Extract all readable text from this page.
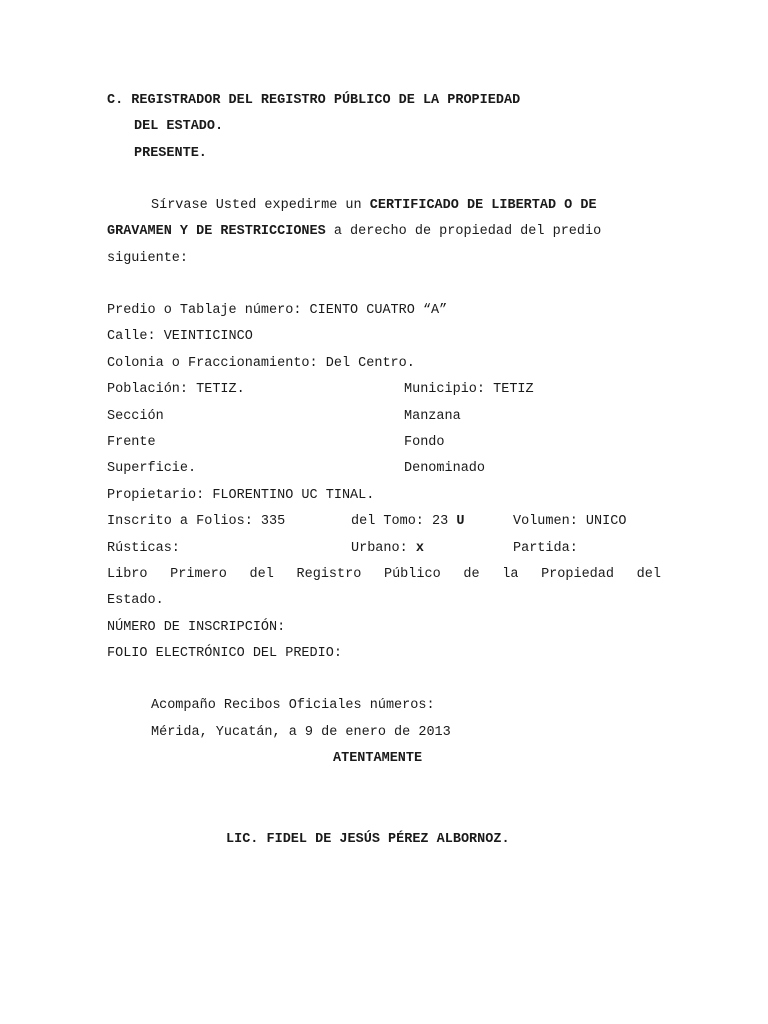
C. REGISTRADOR DEL REGISTRO PÚBLICO DE LA PROPIEDAD
DEL ESTADO.
PRESENTE.
Sírvase Usted expedirme un CERTIFICADO DE LIBERTAD O DE
GRAVAMEN Y DE RESTRICCIONES a derecho de propiedad del predio
siguiente:
Predio o Tablaje número: CIENTO CUATRO “A”
Calle: VEINTICINCO
Colonia o Fraccionamiento: Del Centro.
Población: TETIZ.	Municipio: TETIZ
Sección	Manzana
Frente	Fondo
Superficie.	Denominado
Propietario: FLORENTINO UC TINAL.
Inscrito a Folios: 335	del Tomo: 23 U	Volumen: UNICO
Rústicas:	Urbano: x	Partida:
Libro Primero del Registro Público de la Propiedad del
Estado.
NÚMERO DE INSCRIPCIÓN:
FOLIO ELECTRÓNICO DEL PREDIO:
Acompaño Recibos Oficiales números:
Mérida, Yucatán, a 9 de enero de 2013
ATENTAMENTE
LIC. FIDEL DE JESÚS PÉREZ ALBORNOZ.
